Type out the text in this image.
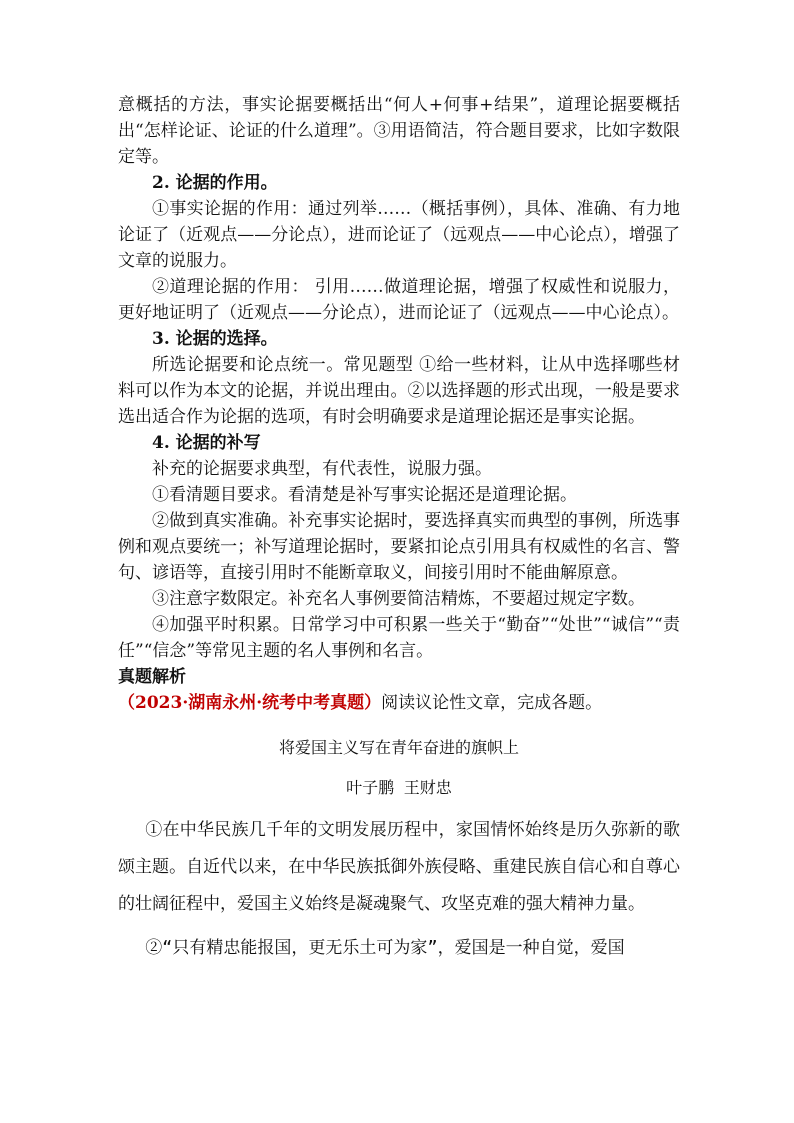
意概括的方法，事实论据要概括出“何人+何事+结果”，道理论据要概括出“怎样论证、论证的什么道理”。③用语简洁，符合题目要求，比如字数限定等。

2. 论据的作用。

①事实论据的作用：通过列举……（概括事例），具体、准确、有力地论证了（近观点——分论点），进而论证了（远观点——中心论点），增强了文章的说服力。

②道理论据的作用： 引用……做道理论据，增强了权威性和说服力，更好地证明了（近观点——分论点），进而论证了（远观点——中心论点）。

3. 论据的选择。

所选论据要和论点统一。常见题型 ①给一些材料，让从中选择哪些材料可以作为本文的论据，并说出理由。②以选择题的形式出现，一般是要求选出适合作为论据的选项，有时会明确要求是道理论据还是事实论据。

4. 论据的补写

补充的论据要求典型，有代表性，说服力强。

①看清题目要求。看清楚是补写事实论据还是道理论据。

②做到真实准确。补充事实论据时，要选择真实而典型的事例，所选事例和观点要统一；补写道理论据时，要紧扣论点引用具有权威性的名言、警句、谚语等，直接引用时不能断章取义，间接引用时不能曲解原意。

③注意字数限定。补充名人事例要简洁精炼，不要超过规定字数。

④加强平时积累。日常学习中可积累一些关于“勤奋”“处世”“诚信”“责任”“信念”等常见主题的名人事例和名言。

真题解析

（2023·湖南永州·统考中考真题）阅读议论性文章，完成各题。

将爱国主义写在青年奋进的旗帜上
叶子鹏 王财忠

①在中华民族几千年的文明发展历程中，家国情怀始终是历久弥新的歌颂主题。自近代以来，在中华民族抵御外族侵略、重建民族自信心和自尊心的壮阔征程中，爱国主义始终是凝魂聚气、攻坚克难的强大精神力量。

②“只有精忠能报国，更无乐土可为家”，爱国是一种自觉，爱国
